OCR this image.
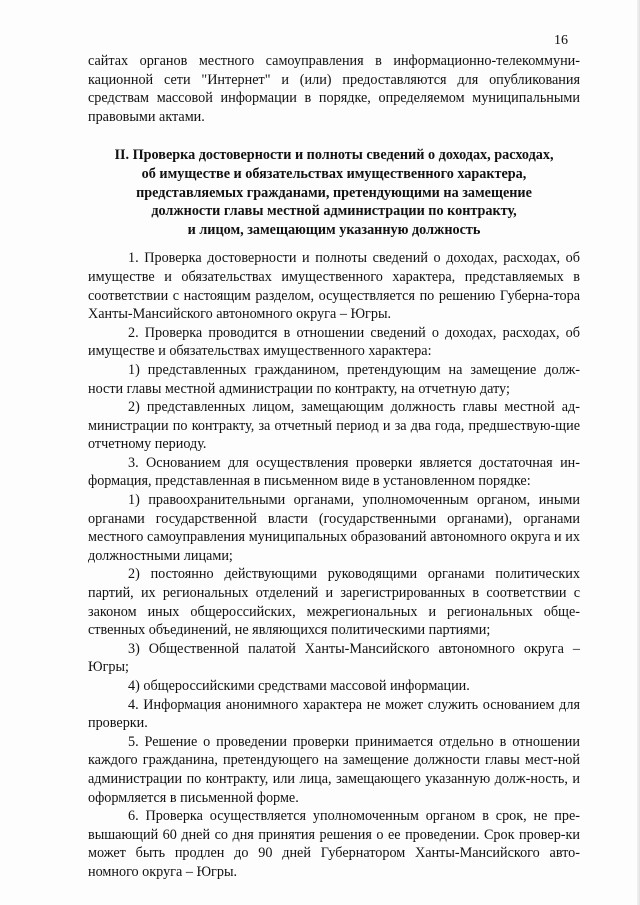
16

сайтах органов местного самоуправления в информационно-телекоммуни-кационной сети "Интернет" и (или) предоставляются для опубликования средствам массовой информации в порядке, определяемом муниципальными правовыми актами.

II. Проверка достоверности и полноты сведений о доходах, расходах,
об имуществе и обязательствах имущественного характера,
представляемых гражданами, претендующими на замещение
должности главы местной администрации по контракту,
и лицом, замещающим указанную должность

1. Проверка достоверности и полноты сведений о доходах, расходах, об имуществе и обязательствах имущественного характера, представляемых в соответствии с настоящим разделом, осуществляется по решению Губерна-тора Ханты-Мансийского автономного округа – Югры.

2. Проверка проводится в отношении сведений о доходах, расходах, об имуществе и обязательствах имущественного характера:

1) представленных гражданином, претендующим на замещение долж-ности главы местной администрации по контракту, на отчетную дату;

2) представленных лицом, замещающим должность главы местной ад-министрации по контракту, за отчетный период и за два года, предшествую-щие отчетному периоду.

3. Основанием для осуществления проверки является достаточная ин-формация, представленная в письменном виде в установленном порядке:

1) правоохранительными органами, уполномоченным органом, иными органами государственной власти (государственными органами), органами местного самоуправления муниципальных образований автономного округа и их должностными лицами;

2) постоянно действующими руководящими органами политических партий, их региональных отделений и зарегистрированных в соответствии с законом иных общероссийских, межрегиональных и региональных обще-ственных объединений, не являющихся политическими партиями;

3) Общественной палатой Ханты-Мансийского автономного округа – Югры;

4) общероссийскими средствами массовой информации.

4. Информация анонимного характера не может служить основанием для проверки.

5. Решение о проведении проверки принимается отдельно в отношении каждого гражданина, претендующего на замещение должности главы мест-ной администрации по контракту, или лица, замещающего указанную долж-ность, и оформляется в письменной форме.

6. Проверка осуществляется уполномоченным органом в срок, не пре-вышающий 60 дней со дня принятия решения о ее проведении. Срок провер-ки может быть продлен до 90 дней Губернатором Ханты-Мансийского авто-номного округа – Югры.
